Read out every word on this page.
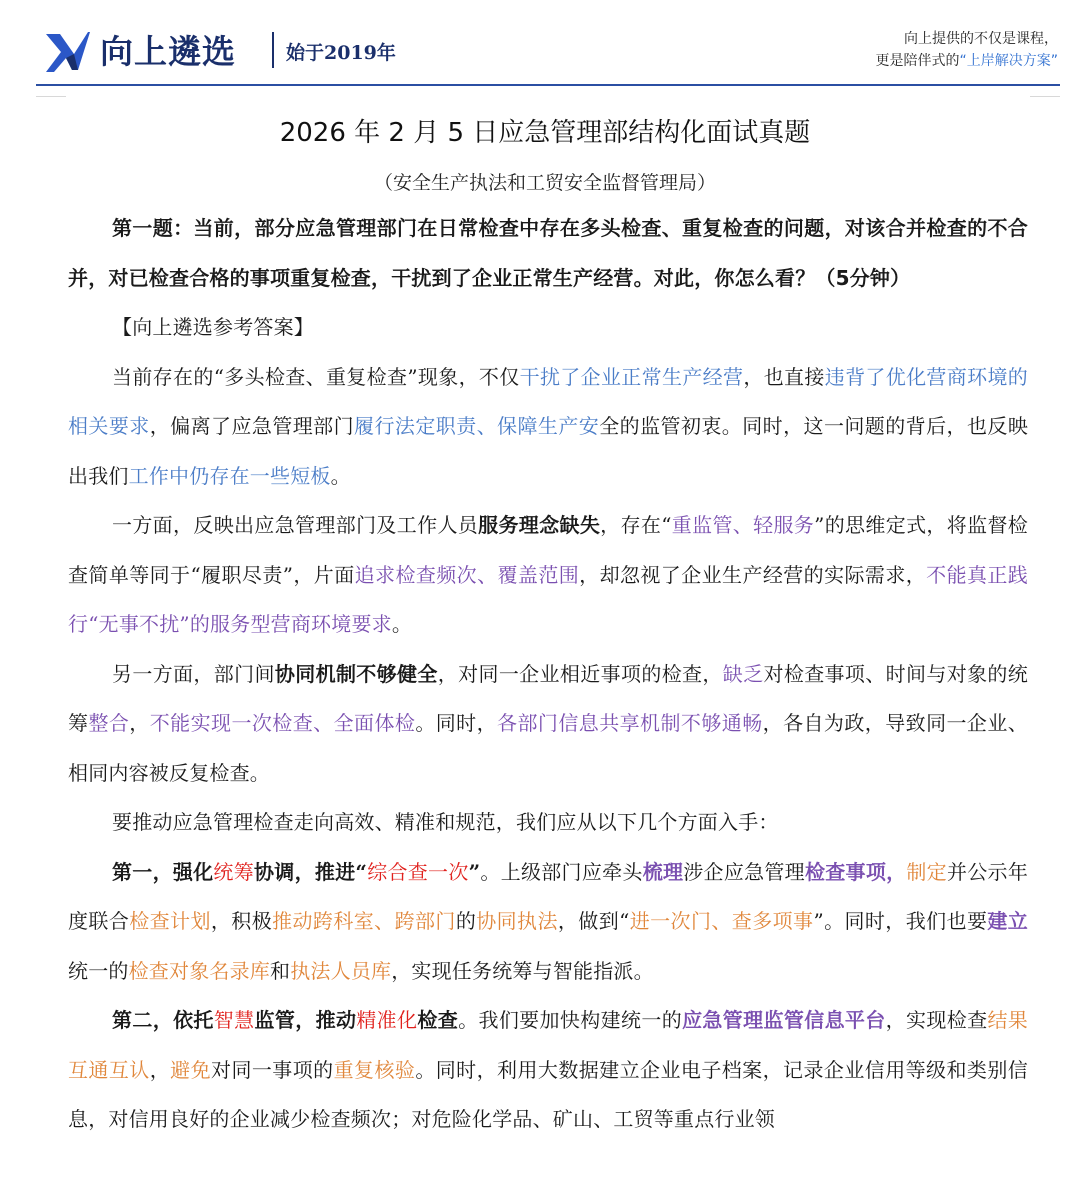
向上遴选	始于2019年
向上提供的不仅是课程，
更是陪伴式的“上岸解决方案”
2026 年 2 月 5 日应急管理部结构化面试真题
（安全生产执法和工贸安全监督管理局）

第一题：当前，部分应急管理部门在日常检查中存在多头检查、重复检查的问题，对该合并检查的不合并，对已检查合格的事项重复检查，干扰到了企业正常生产经营。对此，你怎么看？（5分钟）

【向上遴选参考答案】

当前存在的“多头检查、重复检查”现象，不仅干扰了企业正常生产经营，也直接违背了优化营商环境的相关要求，偏离了应急管理部门履行法定职责、保障生产安全的监管初衷。同时，这一问题的背后，也反映出我们工作中仍存在一些短板。

一方面，反映出应急管理部门及工作人员服务理念缺失，存在“重监管、轻服务”的思维定式，将监督检查简单等同于“履职尽责”，片面追求检查频次、覆盖范围，却忽视了企业生产经营的实际需求，不能真正践行“无事不扰”的服务型营商环境要求。

另一方面，部门间协同机制不够健全，对同一企业相近事项的检查，缺乏对检查事项、时间与对象的统筹整合，不能实现一次检查、全面体检。同时，各部门信息共享机制不够通畅，各自为政，导致同一企业、相同内容被反复检查。

要推动应急管理检查走向高效、精准和规范，我们应从以下几个方面入手：

第一，强化统筹协调，推进“综合查一次”。上级部门应牵头梳理涉企应急管理检查事项，制定并公示年度联合检查计划，积极推动跨科室、跨部门的协同执法，做到“进一次门、查多项事”。同时，我们也要建立统一的检查对象名录库和执法人员库，实现任务统筹与智能指派。

第二，依托智慧监管，推动精准化检查。我们要加快构建统一的应急管理监管信息平台，实现检查结果互通互认，避免对同一事项的重复核验。同时，利用大数据建立企业电子档案，记录企业信用等级和类别信息，对信用良好的企业减少检查频次；对危险化学品、矿山、工贸等重点行业领
